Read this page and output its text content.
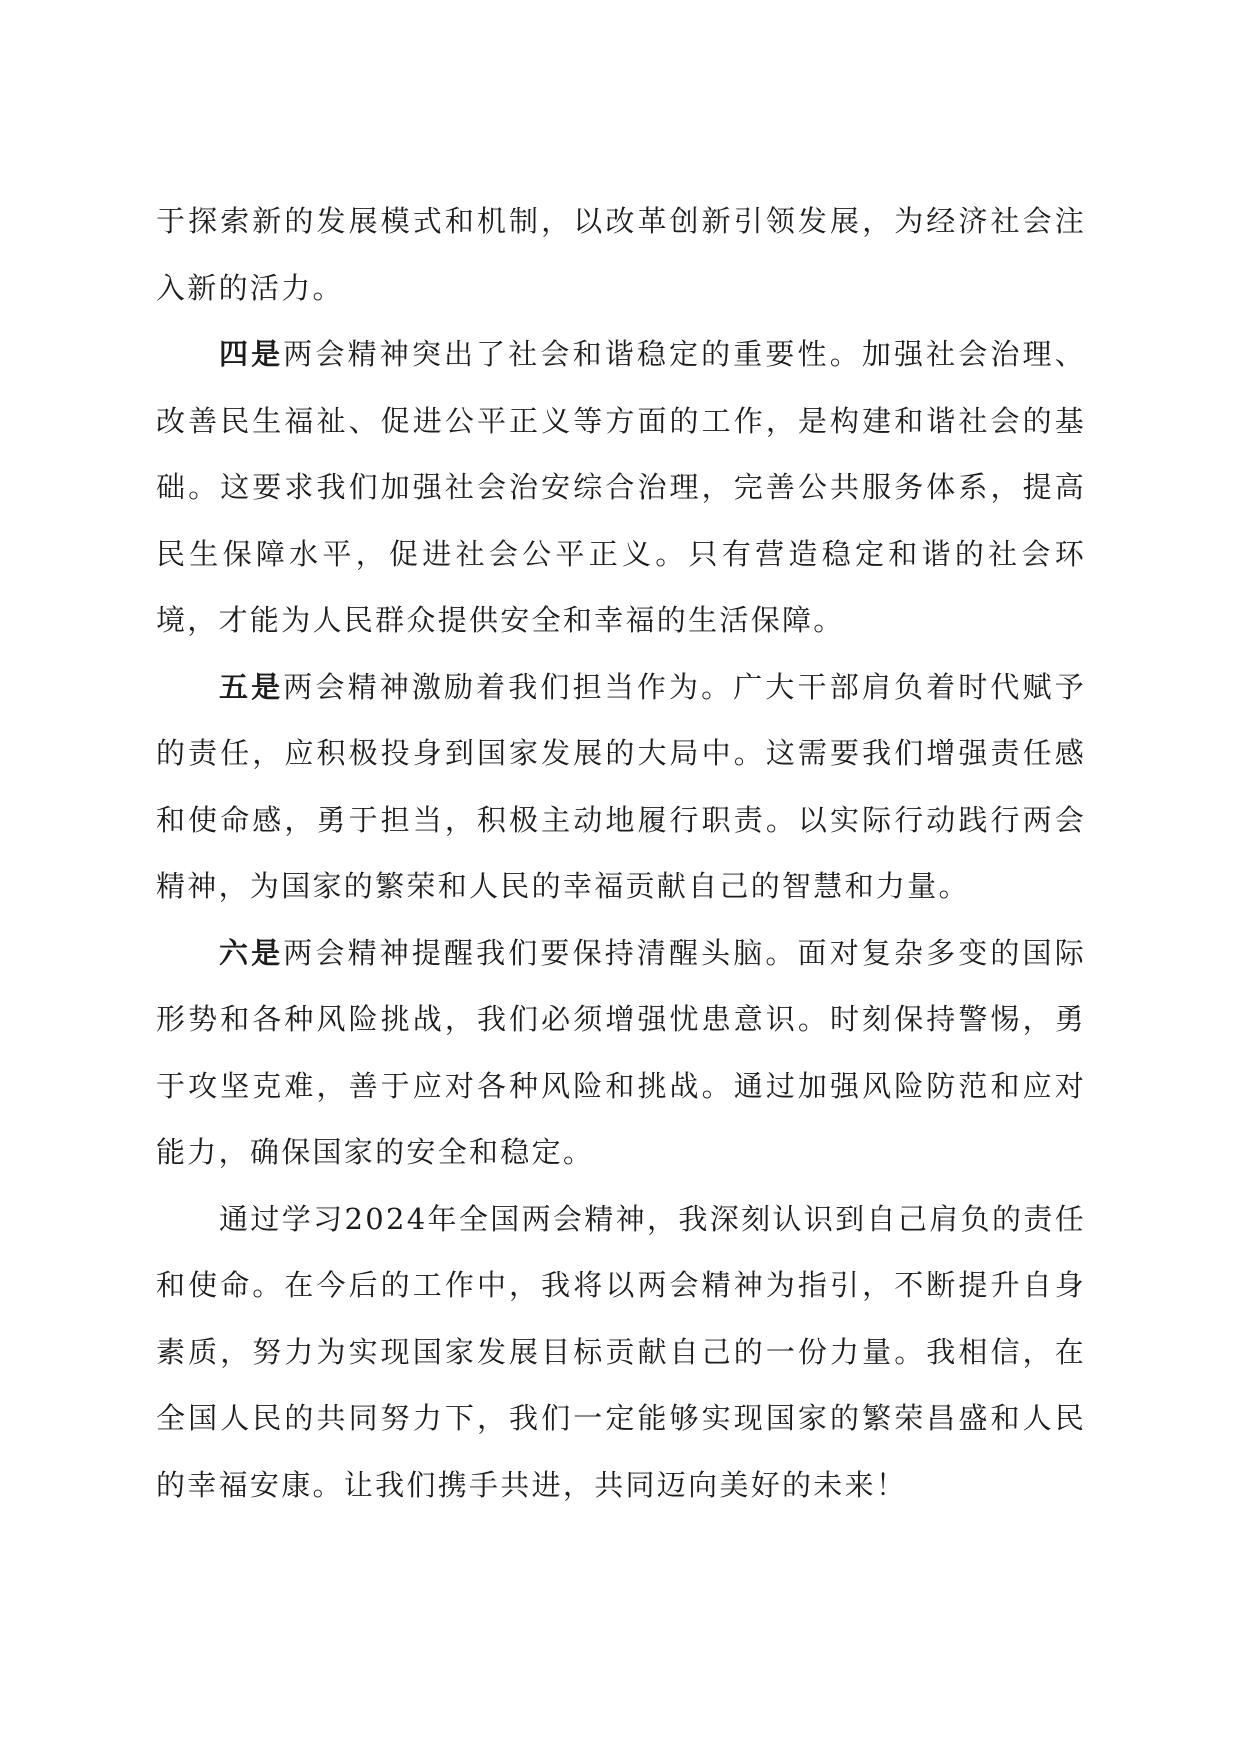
于探索新的发展模式和机制，以改革创新引领发展，为经济社会注入新的活力。

四是两会精神突出了社会和谐稳定的重要性。加强社会治理、改善民生福祉、促进公平正义等方面的工作，是构建和谐社会的基础。这要求我们加强社会治安综合治理，完善公共服务体系，提高民生保障水平，促进社会公平正义。只有营造稳定和谐的社会环境，才能为人民群众提供安全和幸福的生活保障。

五是两会精神激励着我们担当作为。广大干部肩负着时代赋予的责任，应积极投身到国家发展的大局中。这需要我们增强责任感和使命感，勇于担当，积极主动地履行职责。以实际行动践行两会精神，为国家的繁荣和人民的幸福贡献自己的智慧和力量。

六是两会精神提醒我们要保持清醒头脑。面对复杂多变的国际形势和各种风险挑战，我们必须增强忧患意识。时刻保持警惕，勇于攻坚克难，善于应对各种风险和挑战。通过加强风险防范和应对能力，确保国家的安全和稳定。

通过学习2024年全国两会精神，我深刻认识到自己肩负的责任和使命。在今后的工作中，我将以两会精神为指引，不断提升自身素质，努力为实现国家发展目标贡献自己的一份力量。我相信，在全国人民的共同努力下，我们一定能够实现国家的繁荣昌盛和人民的幸福安康。让我们携手共进，共同迈向美好的未来！
